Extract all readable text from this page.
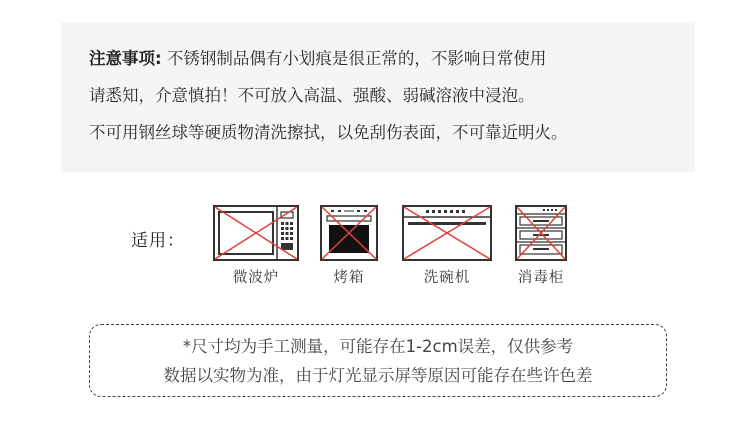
注意事项: 不锈钢制品偶有小划痕是很正常的，不影响日常使用
请悉知，介意慎拍！不可放入高温、强酸、弱碱溶液中浸泡。
不可用钢丝球等硬质物清洗擦拭，以免刮伤表面，不可靠近明火。
适用：
微波炉	烤箱	洗碗机	消毒柜
*尺寸均为手工测量，可能存在1-2cm误差，仅供参考
数据以实物为准，由于灯光显示屏等原因可能存在些许色差
